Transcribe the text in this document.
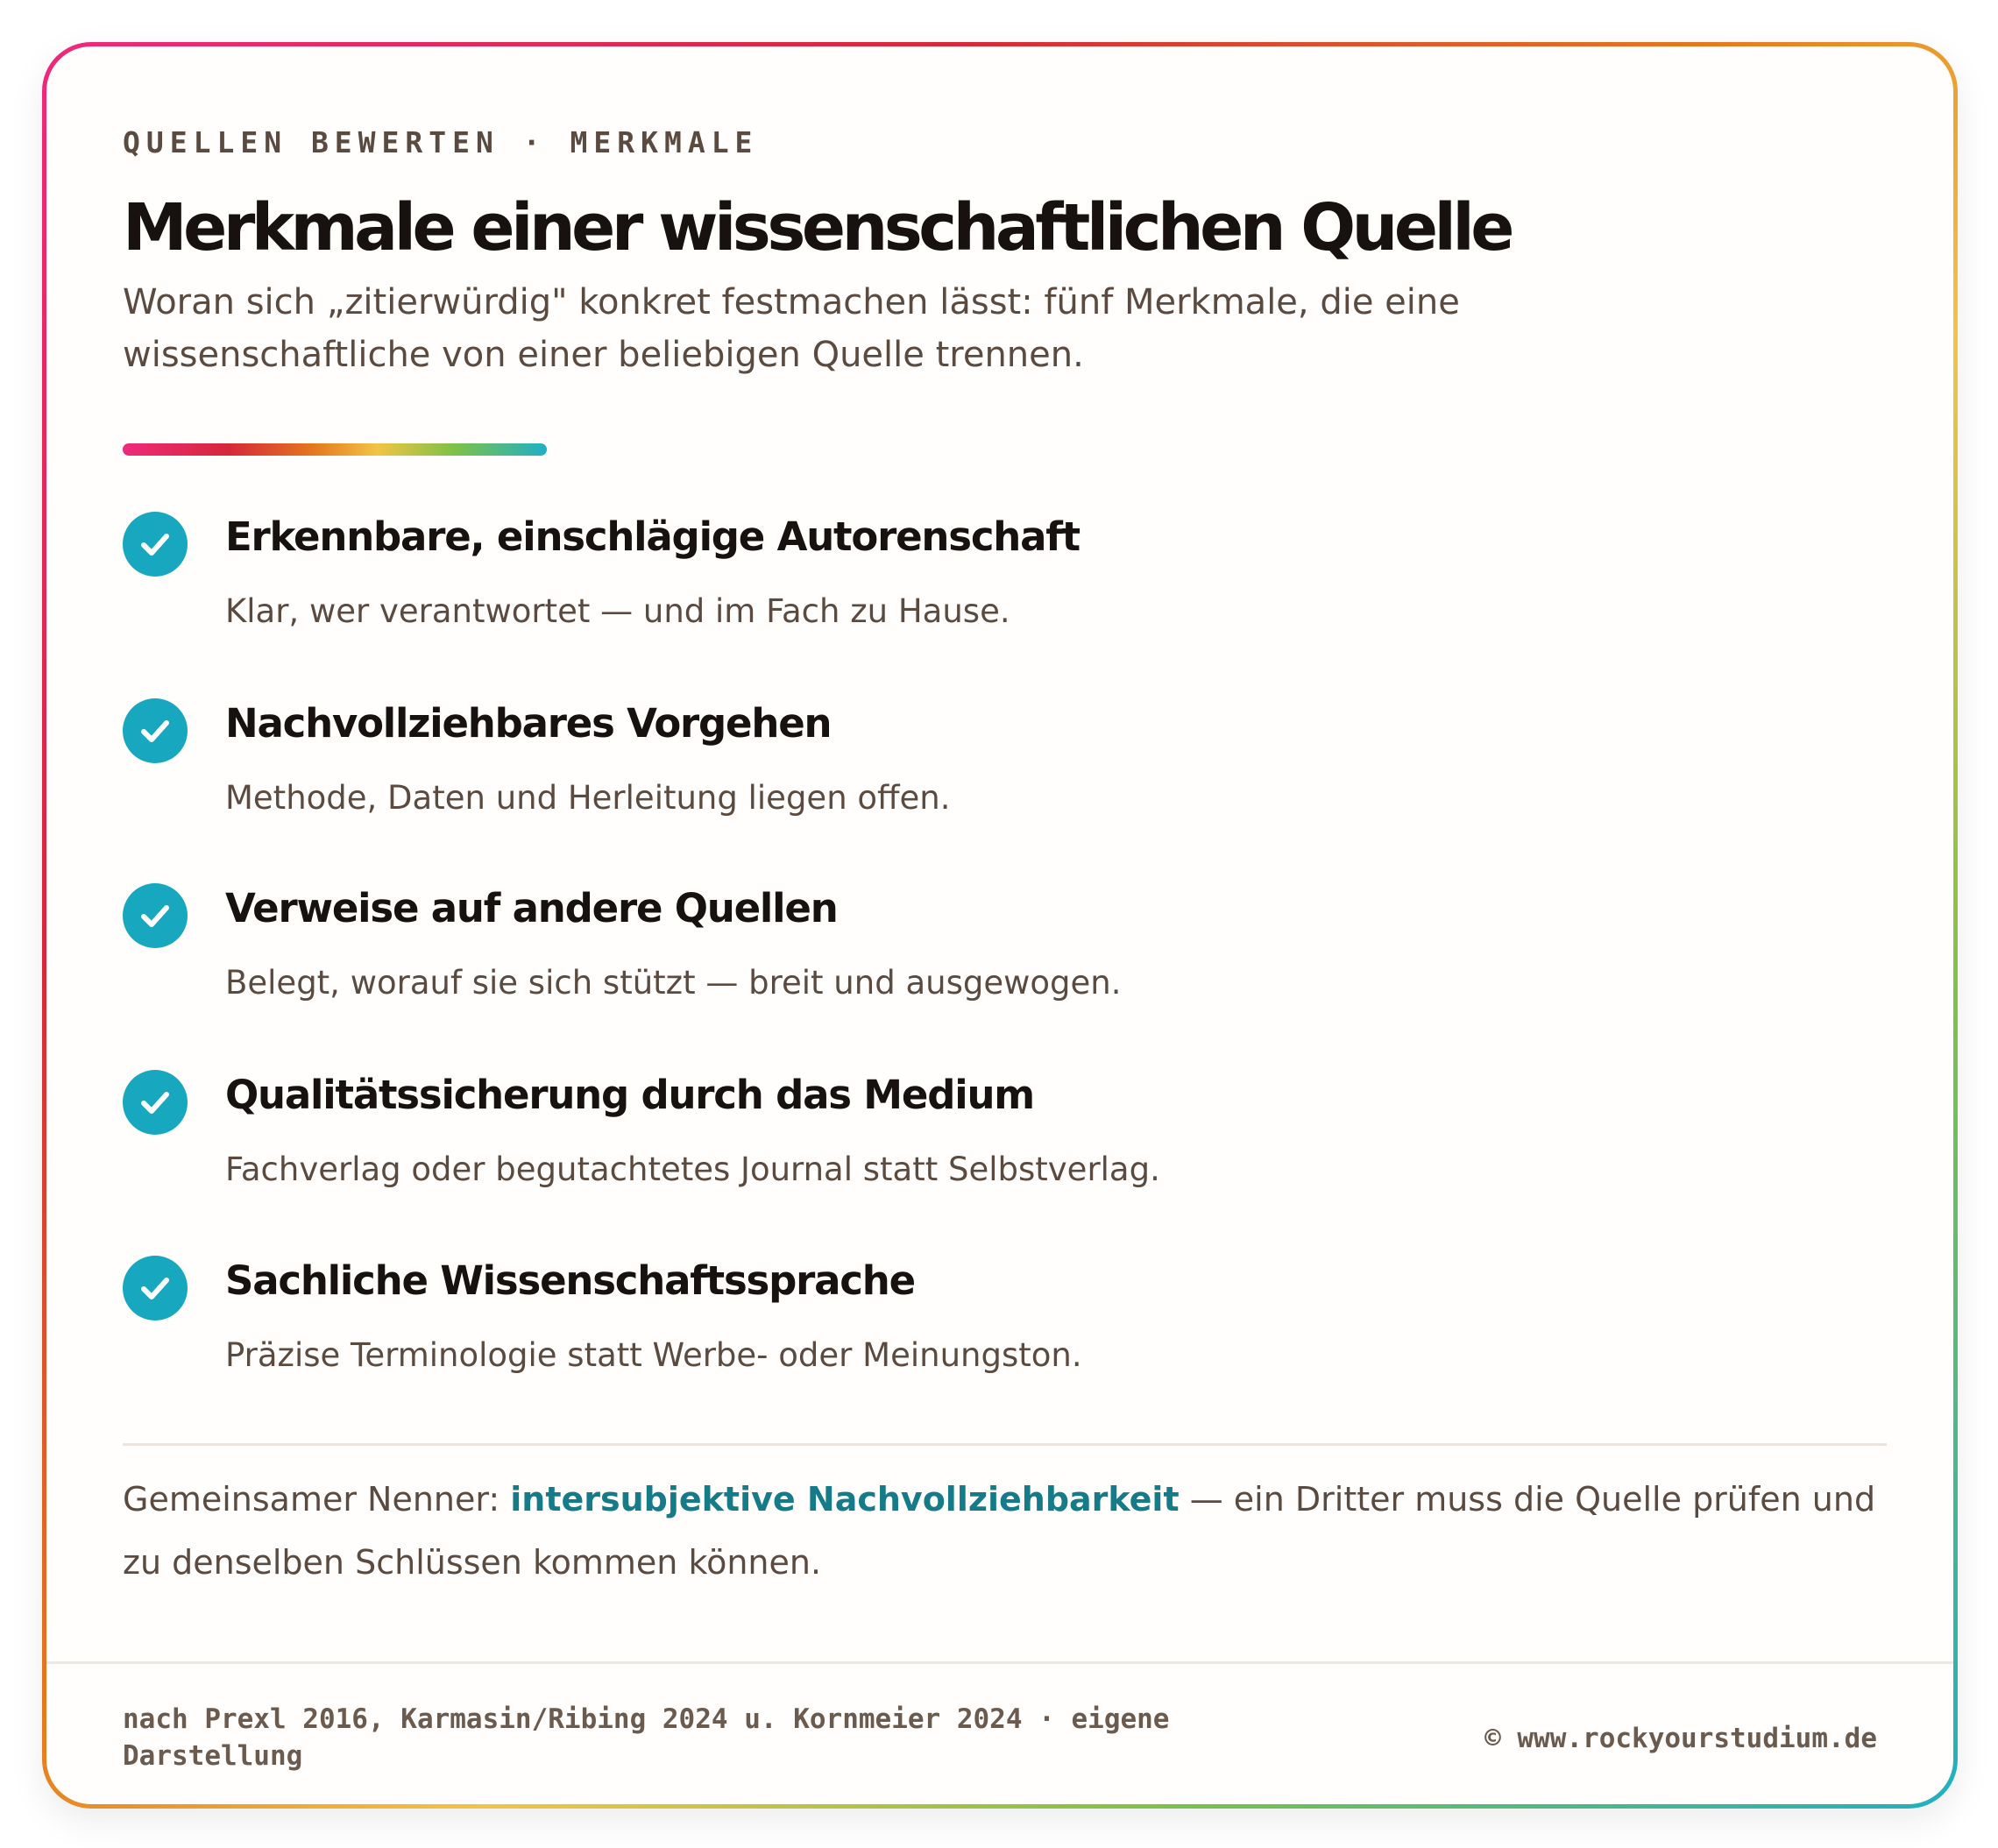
QUELLEN BEWERTEN · MERKMALE
Merkmale einer wissenschaftlichen Quelle

Woran sich „zitierwürdig" konkret festmachen lässt: fünf Merkmale, die eine wissenschaftliche von einer beliebigen Quelle trennen.

Erkennbare, einschlägige Autorenschaft

Klar, wer verantwortet — und im Fach zu Hause.

Nachvollziehbares Vorgehen

Methode, Daten und Herleitung liegen offen.

Verweise auf andere Quellen

Belegt, worauf sie sich stützt — breit und ausgewogen.

Qualitätssicherung durch das Medium

Fachverlag oder begutachtetes Journal statt Selbstverlag.

Sachliche Wissenschaftssprache

Präzise Terminologie statt Werbe- oder Meinungston.

Gemeinsamer Nenner: intersubjektive Nachvollziehbarkeit — ein Dritter muss die Quelle prüfen und zu denselben Schlüssen kommen können.

nach Prexl 2016, Karmasin/Ribing 2024 u. Kornmeier 2024 · eigene Darstellung

© www.rockyourstudium.de
